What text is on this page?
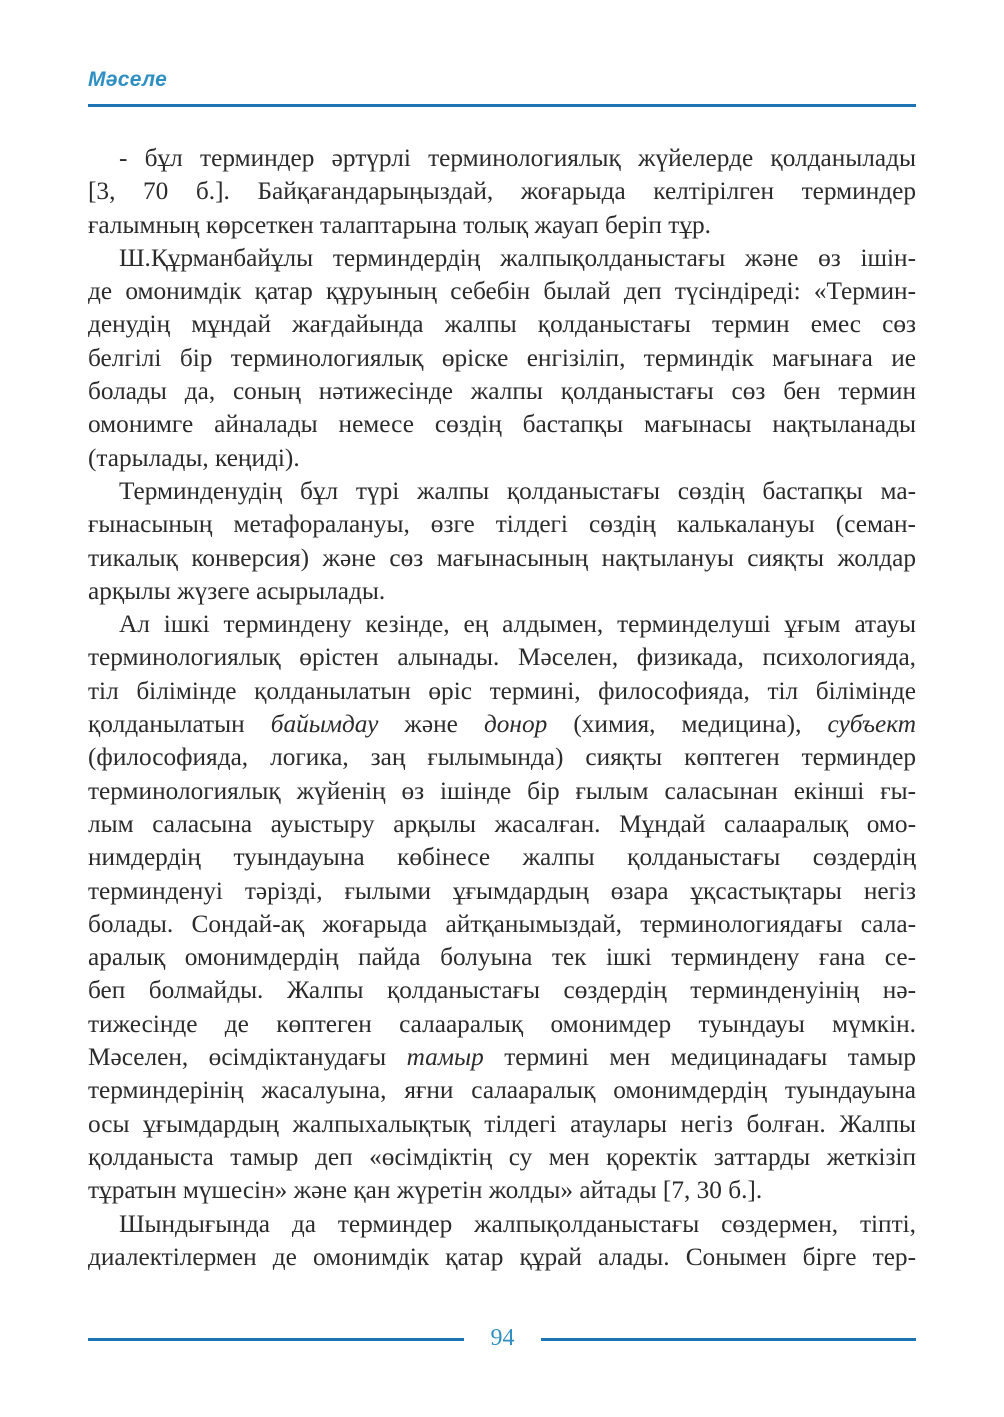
Мәселе
- бұл терминдер әртүрлі терминологиялық жүйелерде қолданылады
[3, 70 б.]. Байқағандарыңыздай, жоғарыда келтірілген терминдер
ғалымның көрсеткен талаптарына толық жауап беріп тұр.
Ш.Құрманбайұлы терминдердің жалпықолданыстағы және өз ішін-
де омонимдік қатар құруының себебін былай деп түсіндіреді: «Термин-
денудің мұндай жағдайында жалпы қолданыстағы термин емес сөз
белгілі бір терминологиялық өріске енгізіліп, терминдік мағынаға ие
болады да, соның нәтижесінде жалпы қолданыстағы сөз бен термин
омонимге айналады немесе сөздің бастапқы мағынасы нақтыланады
(тарылады, кеңиді).
Терминденудің бұл түрі жалпы қолданыстағы сөздің бастапқы ма-
ғынасының метафоралануы, өзге тілдегі сөздің калькалануы (семан-
тикалық конверсия) және сөз мағынасының нақтылануы сияқты жолдар
арқылы жүзеге асырылады.
Ал ішкі терминдену кезінде, ең алдымен, терминделуші ұғым атауы
терминологиялық өрістен алынады. Мәселен, физикада, психологияда,
тіл білімінде қолданылатын өріс термині, философияда, тіл білімінде
қолданылатын байымдау және донор (химия, медицина), субъект
(философияда, логика, заң ғылымында) сияқты көптеген терминдер
терминологиялық жүйенің өз ішінде бір ғылым саласынан екінші ғы-
лым саласына ауыстыру арқылы жасалған. Мұндай салааралық омо-
нимдердің туындауына көбінесе жалпы қолданыстағы сөздердің
терминденуі тәрізді, ғылыми ұғымдардың өзара ұқсастықтары негіз
болады. Сондай-ақ жоғарыда айтқанымыздай, терминологиядағы сала-
аралық омонимдердің пайда болуына тек ішкі терминдену ғана се-
беп болмайды. Жалпы қолданыстағы сөздердің терминденуінің нә-
тижесінде де көптеген салааралық омонимдер туындауы мүмкін.
Мәселен, өсімдіктанудағы тамыр термині мен медицинадағы тамыр
терминдерінің жасалуына, яғни салааралық омонимдердің туындауына
осы ұғымдардың жалпыхалықтық тілдегі атаулары негіз болған. Жалпы
қолданыста тамыр деп «өсімдіктің су мен қоректік заттарды жеткізіп
тұратын мүшесін» және қан жүретін жолды» айтады [7, 30 б.].
Шындығында да терминдер жалпықолданыстағы сөздермен, тіпті,
диалектілермен де омонимдік қатар құрай алады. Сонымен бірге тер-
94
